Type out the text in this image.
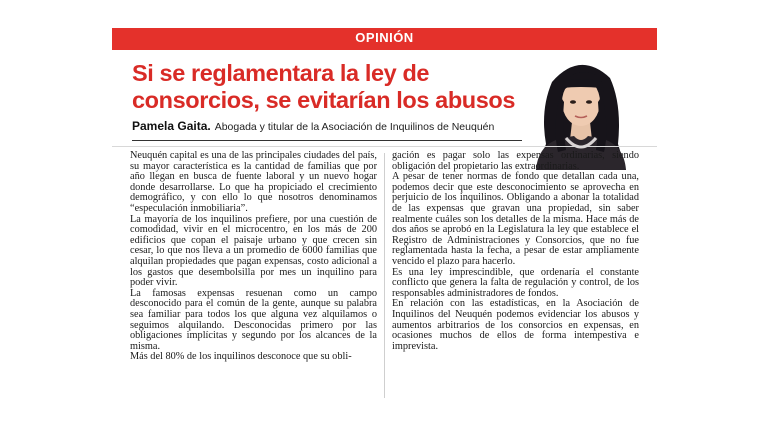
OPINIÓN
Si se reglamentara la ley de consorcios, se evitarían los abusos
Pamela Gaita. Abogada y titular de la Asociación de Inquilinos de Neuquén

Neuquén capital es una de las principales ciudades del país, su mayor característica es la cantidad de familias que por año llegan en busca de fuente laboral y un nuevo hogar donde desarrollarse. Lo que ha propiciado el crecimiento demográfico, y con ello lo que nosotros denominamos “especulación inmobiliaria”.

La mayoría de los inquilinos prefiere, por una cuestión de comodidad, vivir en el microcentro, en los más de 200 edificios que copan el paisaje urbano y que crecen sin cesar, lo que nos lleva a un promedio de 6000 familias que alquilan propiedades que pagan expensas, costo adicional a los gastos que desembolsilla por mes un inquilino para poder vivir.

La famosas expensas resuenan como un campo desconocido para el común de la gente, aunque su palabra sea familiar para todos los que alguna vez alquilamos o seguimos alquilando. Desconocidas primero por las obligaciones implícitas y segundo por los alcances de la misma.

Más del 80% de los inquilinos desconoce que su obli-

gación es pagar solo las expensas ordinarias, siendo obligación del propietario las extraordinarias.

A pesar de tener normas de fondo que detallan cada una, podemos decir que este desconocimiento se aprovecha en perjuicio de los inquilinos. Obligando a abonar la totalidad de las expensas que gravan una propiedad, sin saber realmente cuáles son los detalles de la misma. Hace más de dos años se aprobó en la Legislatura la ley que establece el Registro de Administraciones y Consorcios, que no fue reglamentada hasta la fecha, a pesar de estar ampliamente vencido el plazo para hacerlo.

Es una ley imprescindible, que ordenaría el constante conflicto que genera la falta de regulación y control, de los responsables administradores de fondos.

En relación con las estadísticas, en la Asociación de Inquilinos del Neuquén podemos evidenciar los abusos y aumentos arbitrarios de los consorcios en expensas, en ocasiones muchos de ellos de forma intempestiva e imprevista.
